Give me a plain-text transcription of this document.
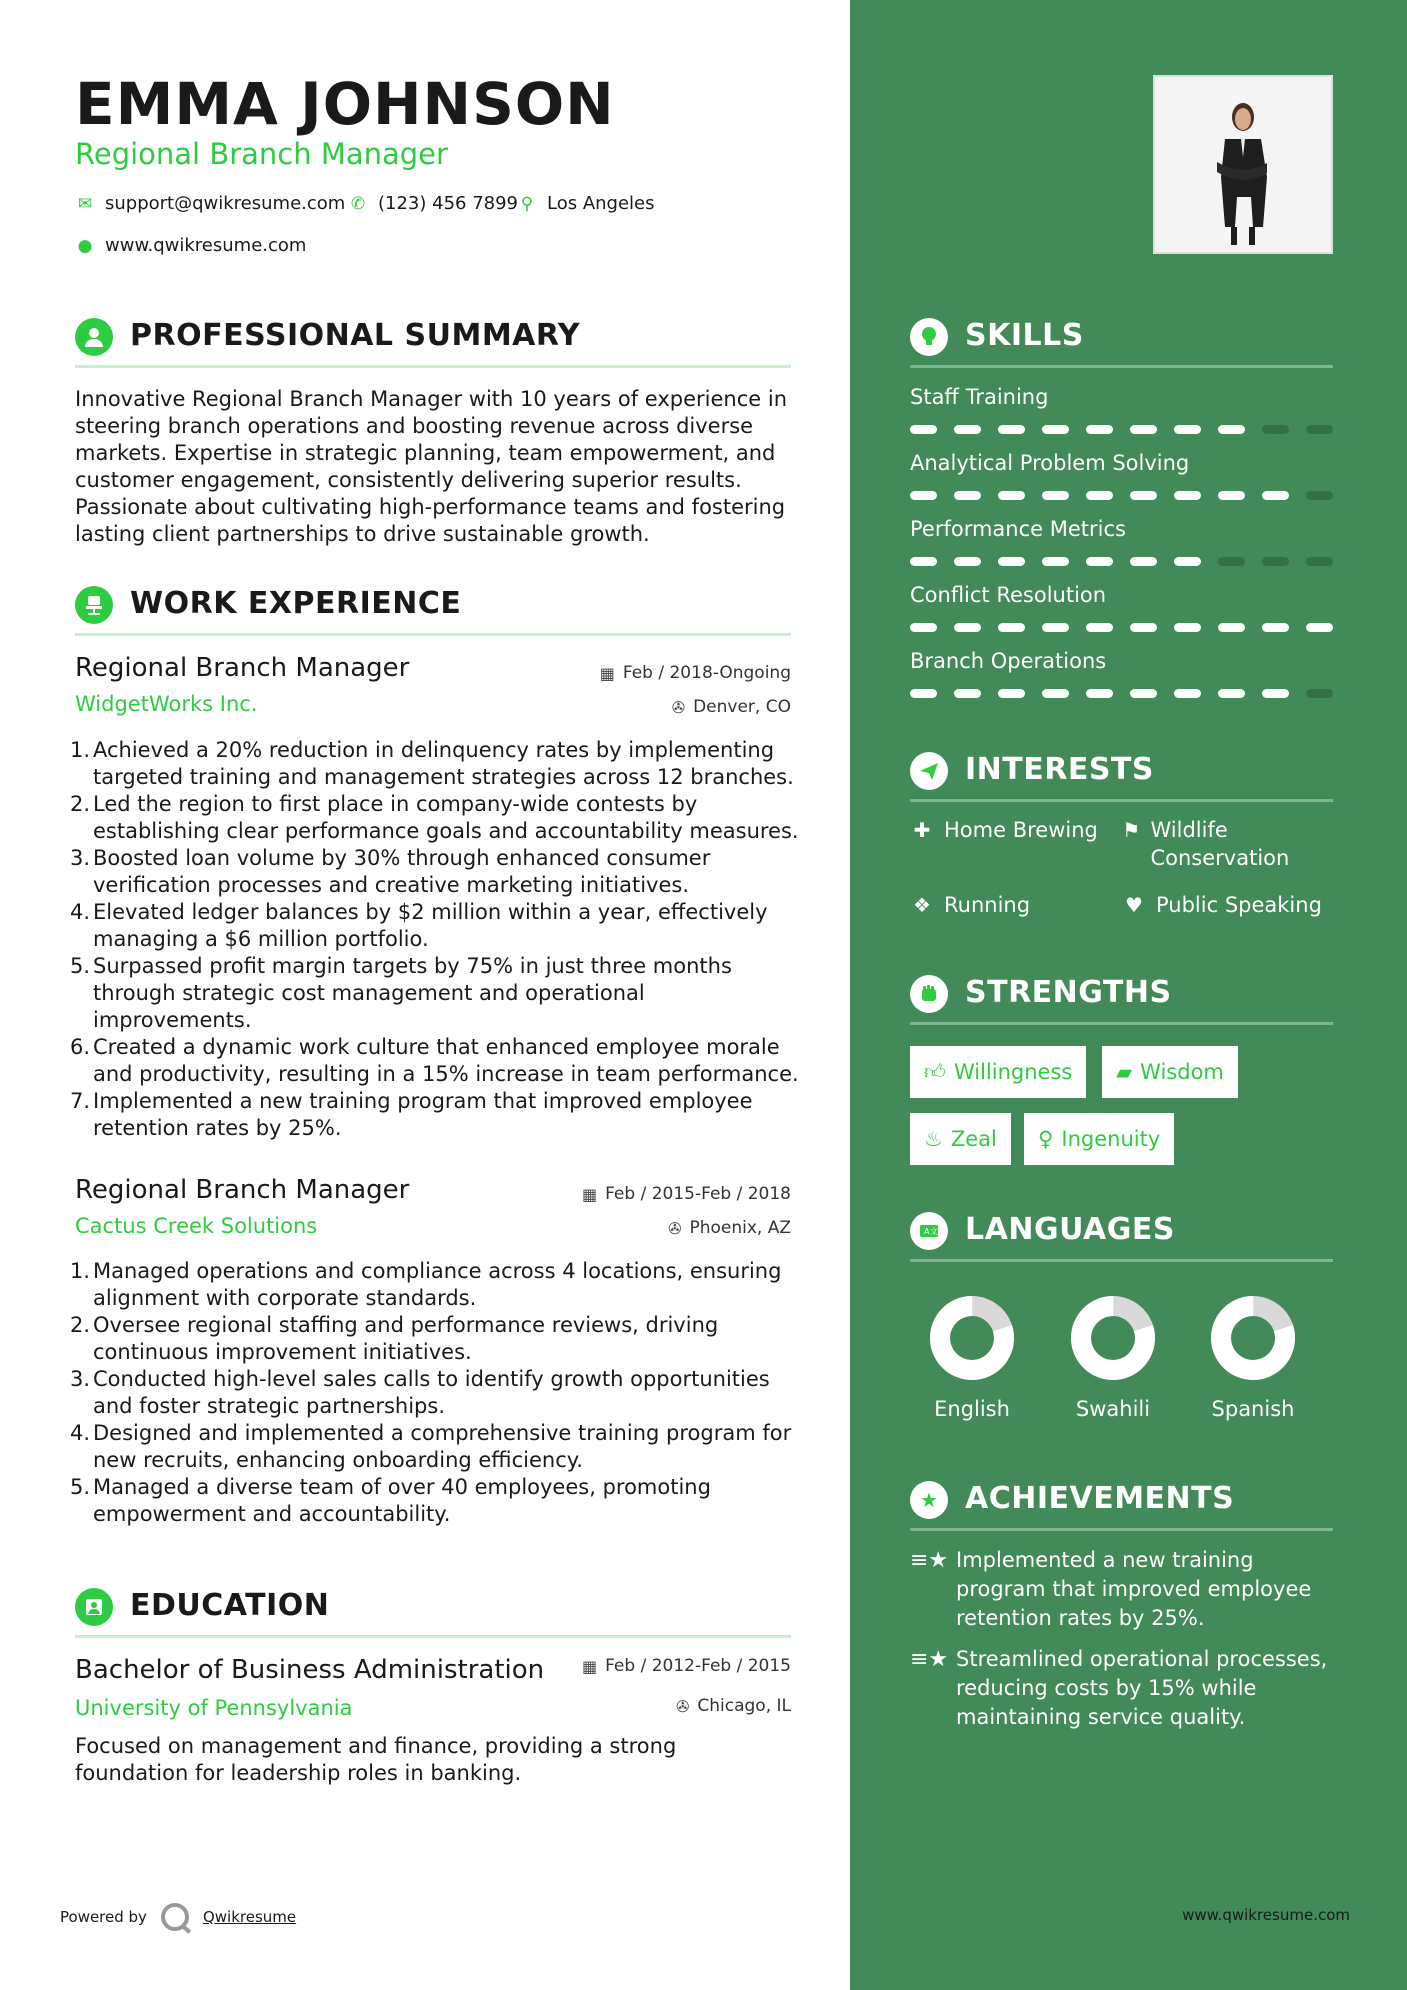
EMMA JOHNSON
Regional Branch Manager
✉ support@qwikresume.com ✆ (123) 456 7899 ⚲ Los Angeles
● www.qwikresume.com
PROFESSIONAL SUMMARY
Innovative Regional Branch Manager with 10 years of experience in steering branch operations and boosting revenue across diverse markets. Expertise in strategic planning, team empowerment, and customer engagement, consistently delivering superior results. Passionate about cultivating high-performance teams and fostering lasting client partnerships to drive sustainable growth.
WORK EXPERIENCE
Regional Branch Manager
WidgetWorks Inc.
▦ Feb / 2018-Ongoing
✇ Denver, CO
1. Achieved a 20% reduction in delinquency rates by implementing targeted training and management strategies across 12 branches.
2. Led the region to first place in company-wide contests by establishing clear performance goals and accountability measures.
3. Boosted loan volume by 30% through enhanced consumer verification processes and creative marketing initiatives.
4. Elevated ledger balances by $2 million within a year, effectively managing a $6 million portfolio.
5. Surpassed profit margin targets by 75% in just three months through strategic cost management and operational improvements.
6. Created a dynamic work culture that enhanced employee morale and productivity, resulting in a 15% increase in team performance.
7. Implemented a new training program that improved employee retention rates by 25%.
Regional Branch Manager
Cactus Creek Solutions
▦ Feb / 2015-Feb / 2018
✇ Phoenix, AZ
1. Managed operations and compliance across 4 locations, ensuring alignment with corporate standards.
2. Oversee regional staffing and performance reviews, driving continuous improvement initiatives.
3. Conducted high-level sales calls to identify growth opportunities and foster strategic partnerships.
4. Designed and implemented a comprehensive training program for new recruits, enhancing onboarding efficiency.
5. Managed a diverse team of over 40 employees, promoting empowerment and accountability.
EDUCATION
Bachelor of Business Administration
University of Pennsylvania
▦ Feb / 2012-Feb / 2015
✇ Chicago, IL
Focused on management and finance, providing a strong foundation for leadership roles in banking.
Powered by	Qwikresume
SKILLS
Staff Training
Analytical Problem Solving
Performance Metrics
Conflict Resolution
Branch Operations
INTERESTS
✚ Home Brewing ⚑ Wildlife Conservation
❖ Running	♥ Public Speaking
STRENGTHS
👍︎ Willingness ▰ Wisdom
♨ Zeal ♀ Ingenuity
A 文 LANGUAGES
English	Swahili	Spanish
★ ACHIEVEMENTS
≡★ Implemented a new training program that improved employee retention rates by 25%.
≡★ Streamlined operational processes, reducing costs by 15% while maintaining service quality.
www.qwikresume.com
